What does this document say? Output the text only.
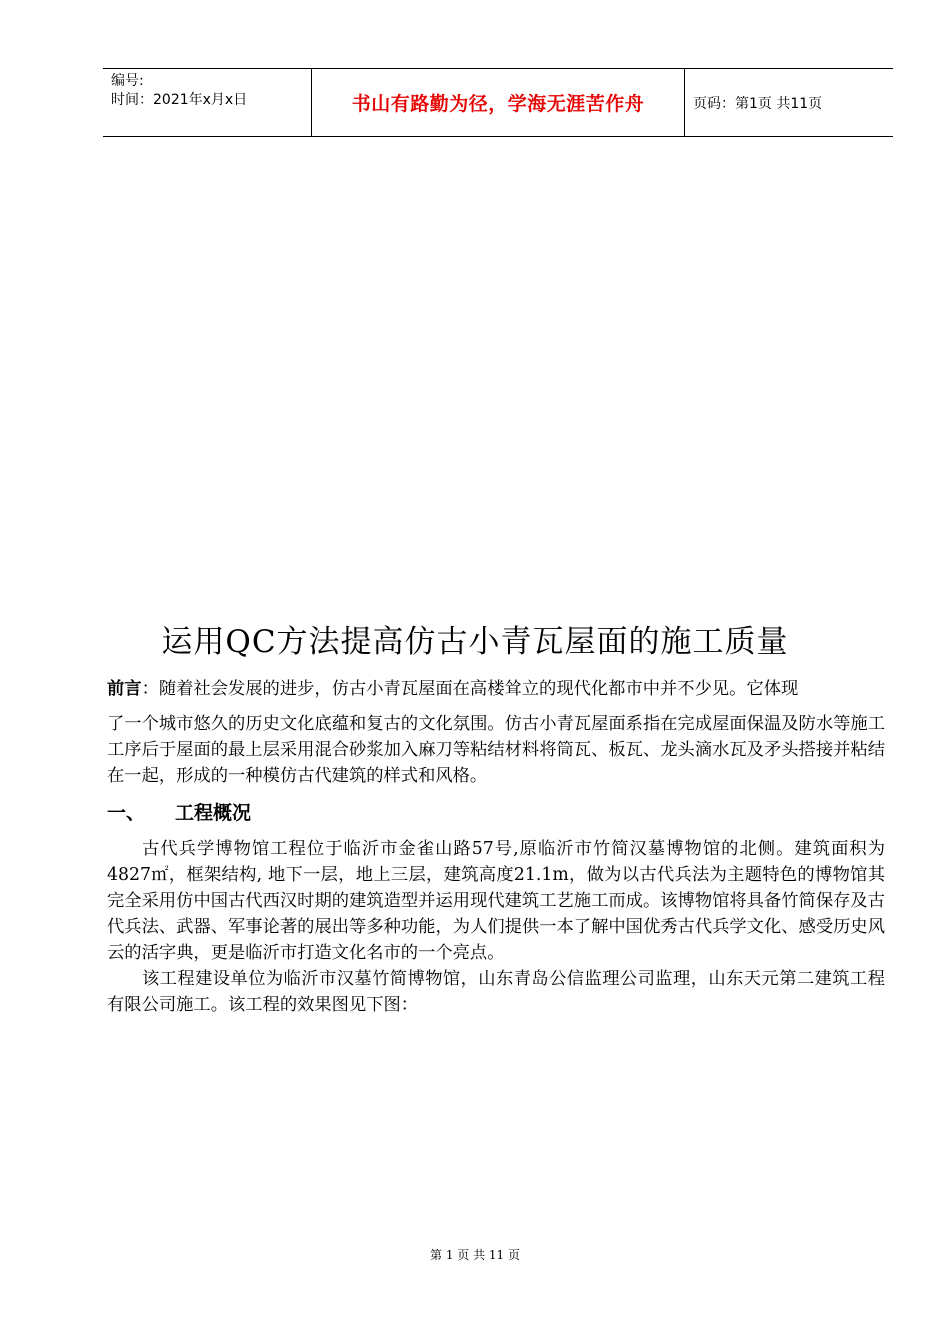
编号:
时间：2021年x月x日	书山有路勤为径，学海无涯苦作舟	页码：第1页 共11页
运用QC方法提高仿古小青瓦屋面的施工质量
前言：随着社会发展的进步，仿古小青瓦屋面在高楼耸立的现代化都市中并不少见。它体现
了一个城市悠久的历史文化底蕴和复古的文化氛围。仿古小青瓦屋面系指在完成屋面保温及防水等施工工序后于屋面的最上层采用混合砂浆加入麻刀等粘结材料将筒瓦、板瓦、龙头滴水瓦及矛头搭接并粘结在一起，形成的一种模仿古代建筑的样式和风格。
一、 工程概况
古代兵学博物馆工程位于临沂市金雀山路57号,原临沂市竹简汉墓博物馆的北侧。建筑面积为4827㎡，框架结构, 地下一层，地上三层，建筑高度21.1m，做为以古代兵法为主题特色的博物馆其完全采用仿中国古代西汉时期的建筑造型并运用现代建筑工艺施工而成。该博物馆将具备竹简保存及古代兵法、武器、军事论著的展出等多种功能，为人们提供一本了解中国优秀古代兵学文化、感受历史风云的活字典，更是临沂市打造文化名市的一个亮点。
该工程建设单位为临沂市汉墓竹简博物馆，山东青岛公信监理公司监理，山东天元第二建筑工程有限公司施工。该工程的效果图见下图：
第 1 页 共 11 页
